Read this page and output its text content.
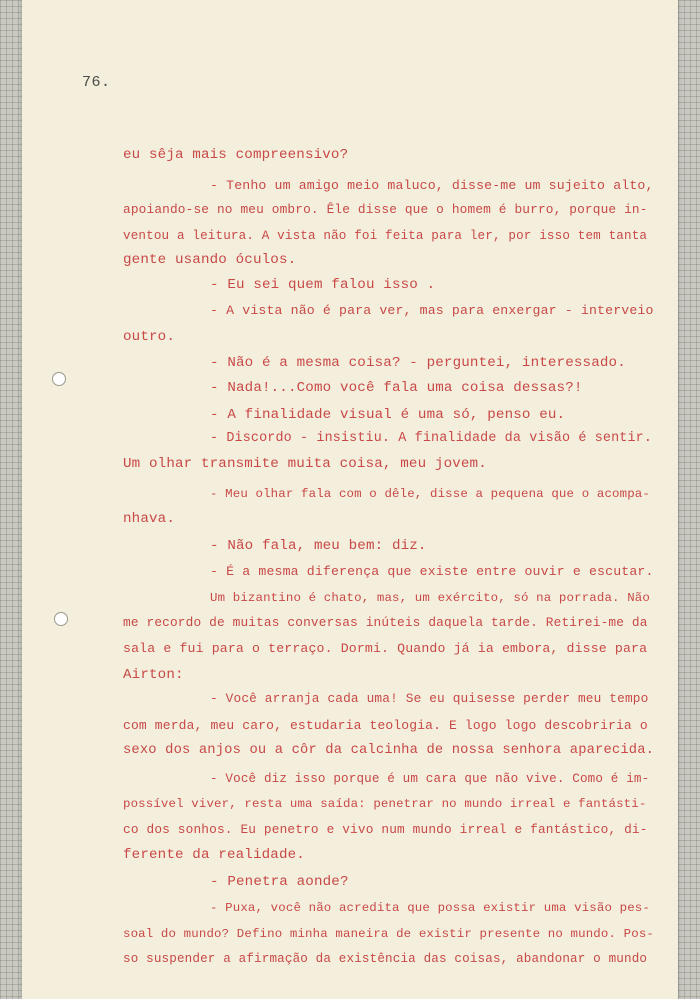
76.
eu sêja mais compreensivo?
- Tenho um amigo meio maluco, disse-me um sujeito alto,
apoiando-se no meu ombro. Êle disse que o homem é burro, porque in-
ventou a leitura. A vista não foi feita para ler, por isso tem tanta
gente usando óculos.
- Eu sei quem falou isso .
- A vista não é para ver, mas para enxergar - interveio
outro.
- Não é a mesma coisa? - perguntei, interessado.
- Nada!...Como você fala uma coisa dessas?!
- A finalidade visual é uma só, penso eu.
- Discordo - insistiu. A finalidade da visão é sentir.
Um olhar transmite muita coisa, meu jovem.
- Meu olhar fala com o dêle, disse a pequena que o acompa-
nhava.
- Não fala, meu bem: diz.
- É a mesma diferença que existe entre ouvir e escutar.
Um bizantino é chato, mas, um exército, só na porrada. Não
me recordo de muitas conversas inúteis daquela tarde. Retirei-me da
sala e fui para o terraço. Dormi. Quando já ia embora, disse para
Airton:
- Você arranja cada uma! Se eu quisesse perder meu tempo
com merda, meu caro, estudaria teologia. E logo logo descobriria o
sexo dos anjos ou a côr da calcinha de nossa senhora aparecida.
- Você diz isso porque é um cara que não vive. Como é im-
possível viver, resta uma saída: penetrar no mundo irreal e fantásti-
co dos sonhos. Eu penetro e vivo num mundo irreal e fantástico, di-
ferente da realidade.
- Penetra aonde?
- Puxa, você não acredita que possa existir uma visão pes-
soal do mundo? Defino minha maneira de existir presente no mundo. Pos-
so suspender a afirmação da existência das coisas, abandonar o mundo
